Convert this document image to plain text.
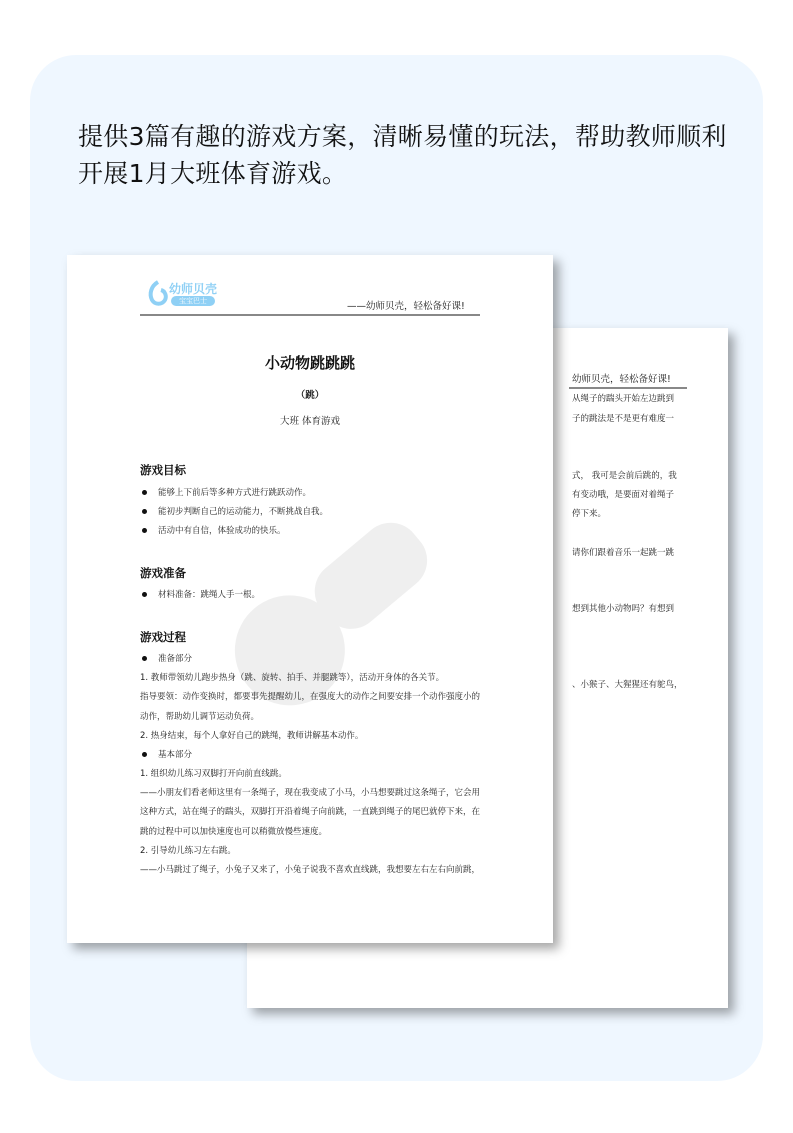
提供3篇有趣的游戏方案，清晰易懂的玩法，帮助教师顺利开展1月大班体育游戏。
幼师贝壳，轻松备好课!
从绳子的踹头开始左边跳到
子的跳法是不是更有难度一
式， 我可是会前后跳的，我
有变动哦，是要面对着绳子
停下来。
请你们跟着音乐一起跳一跳
想到其他小动物吗？有想到
、小猴子、大猩猩还有鸵鸟，
幼师贝壳
宝宝巴士	——幼师贝壳，轻松备好课!
小动物跳跳跳
（跳）
大班 体育游戏
游戏目标
能够上下前后等多种方式进行跳跃动作。
能初步判断自己的运动能力，不断挑战自我。
活动中有自信，体验成功的快乐。
游戏准备
材料准备：跳绳人手一根。
游戏过程
准备部分
1. 教师带领幼儿跑步热身（跳、旋转、拍手、并腿跳等），活动开身体的各关节。
指导要领：动作变换时，都要事先提醒幼儿，在强度大的动作之间要安排一个动作强度小的
动作，帮助幼儿调节运动负荷。
2. 热身结束，每个人拿好自己的跳绳，教师讲解基本动作。
基本部分
1. 组织幼儿练习双脚打开向前直线跳。
——小朋友们看老师这里有一条绳子，现在我变成了小马，小马想要跳过这条绳子，它会用
这种方式，站在绳子的踹头，双脚打开沿着绳子向前跳，一直跳到绳子的尾巴就停下来，在
跳的过程中可以加快速度也可以稍微放慢些速度。
2. 引导幼儿练习左右跳。
——小马跳过了绳子，小兔子又来了，小兔子说我不喜欢直线跳，我想要左右左右向前跳，
